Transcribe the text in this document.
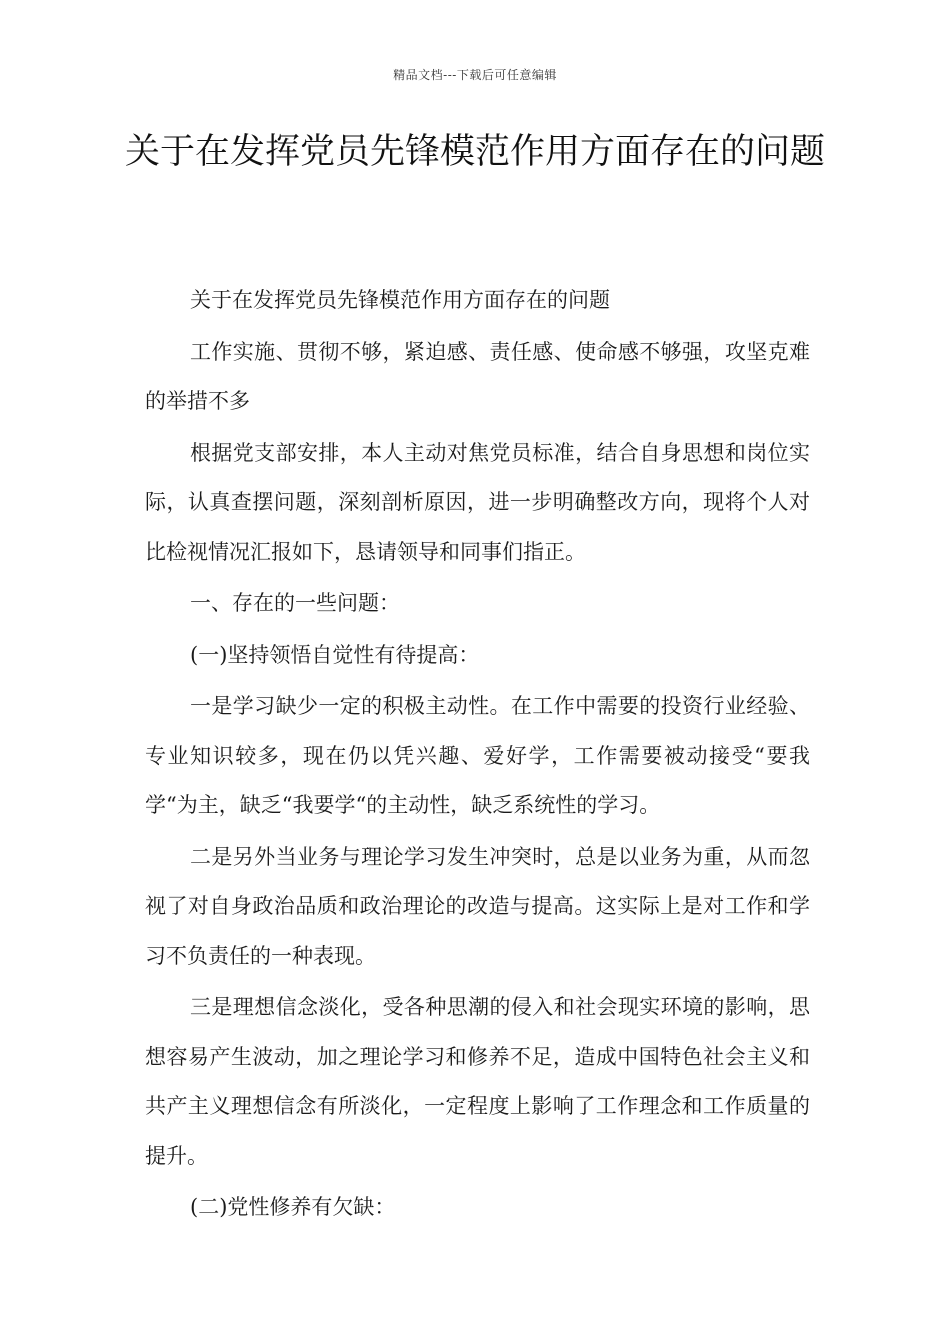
精品文档---下载后可任意编辑
关于在发挥党员先锋模范作用方面存在的问题

关于在发挥党员先锋模范作用方面存在的问题

工作实施、贯彻不够，紧迫感、责任感、使命感不够强，攻坚克难的举措不多

根据党支部安排，本人主动对焦党员标准，结合自身思想和岗位实际，认真查摆问题，深刻剖析原因，进一步明确整改方向，现将个人对比检视情况汇报如下，恳请领导和同事们指正。

一、存在的一些问题：

(一)坚持领悟自觉性有待提高：

一是学习缺少一定的积极主动性。在工作中需要的投资行业经验、专业知识较多，现在仍以凭兴趣、爱好学，工作需要被动接受“要我学“为主，缺乏“我要学“的主动性，缺乏系统性的学习。

二是另外当业务与理论学习发生冲突时，总是以业务为重，从而忽视了对自身政治品质和政治理论的改造与提高。这实际上是对工作和学习不负责任的一种表现。

三是理想信念淡化，受各种思潮的侵入和社会现实环境的影响，思想容易产生波动，加之理论学习和修养不足，造成中国特色社会主义和共产主义理想信念有所淡化，一定程度上影响了工作理念和工作质量的提升。

(二)党性修养有欠缺：
